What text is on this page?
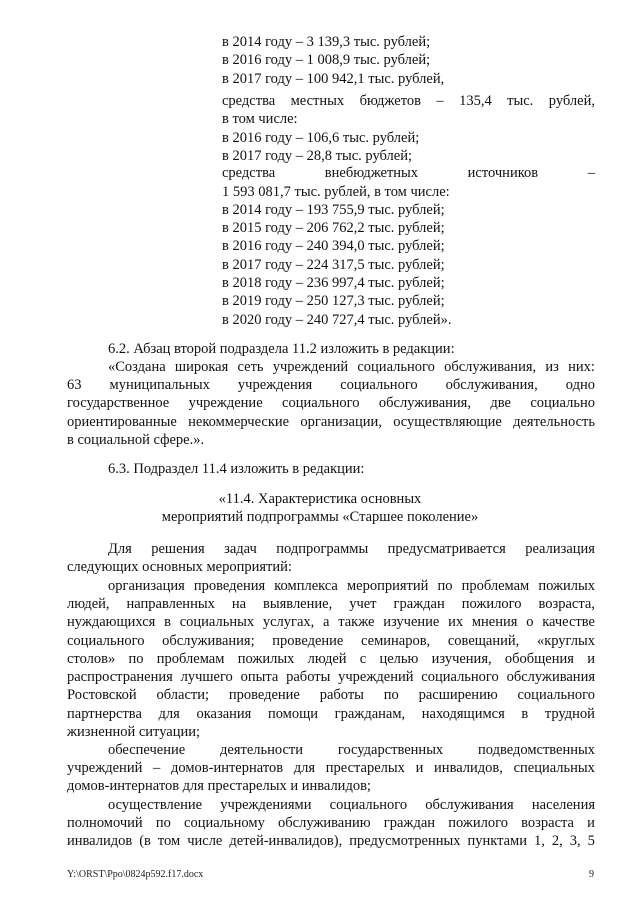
в 2014 году – 3 139,3 тыс. рублей;
в 2016 году – 1 008,9 тыс. рублей;
в 2017 году – 100 942,1 тыс. рублей,
средства местных бюджетов – 135,4 тыс. рублей,
в том числе:
в 2016 году – 106,6 тыс. рублей;
в 2017 году – 28,8 тыс. рублей;
средства	внебюджетных	источников	–
1 593 081,7 тыс. рублей, в том числе:
в 2014 году – 193 755,9 тыс. рублей;
в 2015 году – 206 762,2 тыс. рублей;
в 2016 году – 240 394,0 тыс. рублей;
в 2017 году – 224 317,5 тыс. рублей;
в 2018 году – 236 997,4 тыс. рублей;
в 2019 году – 250 127,3 тыс. рублей;
в 2020 году – 240 727,4 тыс. рублей».
6.2. Абзац второй подраздела 11.2 изложить в редакции:
«Создана широкая сеть учреждений социального обслуживания, из них:
63 муниципальных учреждения социального обслуживания, одно
государственное учреждение социального обслуживания, две социально
ориентированные некоммерческие организации, осуществляющие деятельность
в социальной сфере.».
6.3. Подраздел 11.4 изложить в редакции:
«11.4. Характеристика основных
мероприятий подпрограммы «Старшее поколение»
Для решения задач подпрограммы предусматривается реализация
следующих основных мероприятий:
организация проведения комплекса мероприятий по проблемам пожилых
людей, направленных на выявление, учет граждан пожилого возраста,
нуждающихся в социальных услугах, а также изучение их мнения о качестве
социального обслуживания; проведение семинаров, совещаний, «круглых
столов» по проблемам пожилых людей с целью изучения, обобщения и
распространения лучшего опыта работы учреждений социального обслуживания
Ростовской области; проведение работы по расширению социального
партнерства для оказания помощи гражданам, находящимся в трудной
жизненной ситуации;
обеспечение деятельности государственных подведомственных
учреждений – домов-интернатов для престарелых и инвалидов, специальных
домов-интернатов для престарелых и инвалидов;
осуществление учреждениями социального обслуживания населения
полномочий по социальному обслуживанию граждан пожилого возраста и
инвалидов (в том числе детей-инвалидов), предусмотренных пунктами 1, 2, 3, 5
Y:\ORST\Ppo\0824p592.f17.docx	9
